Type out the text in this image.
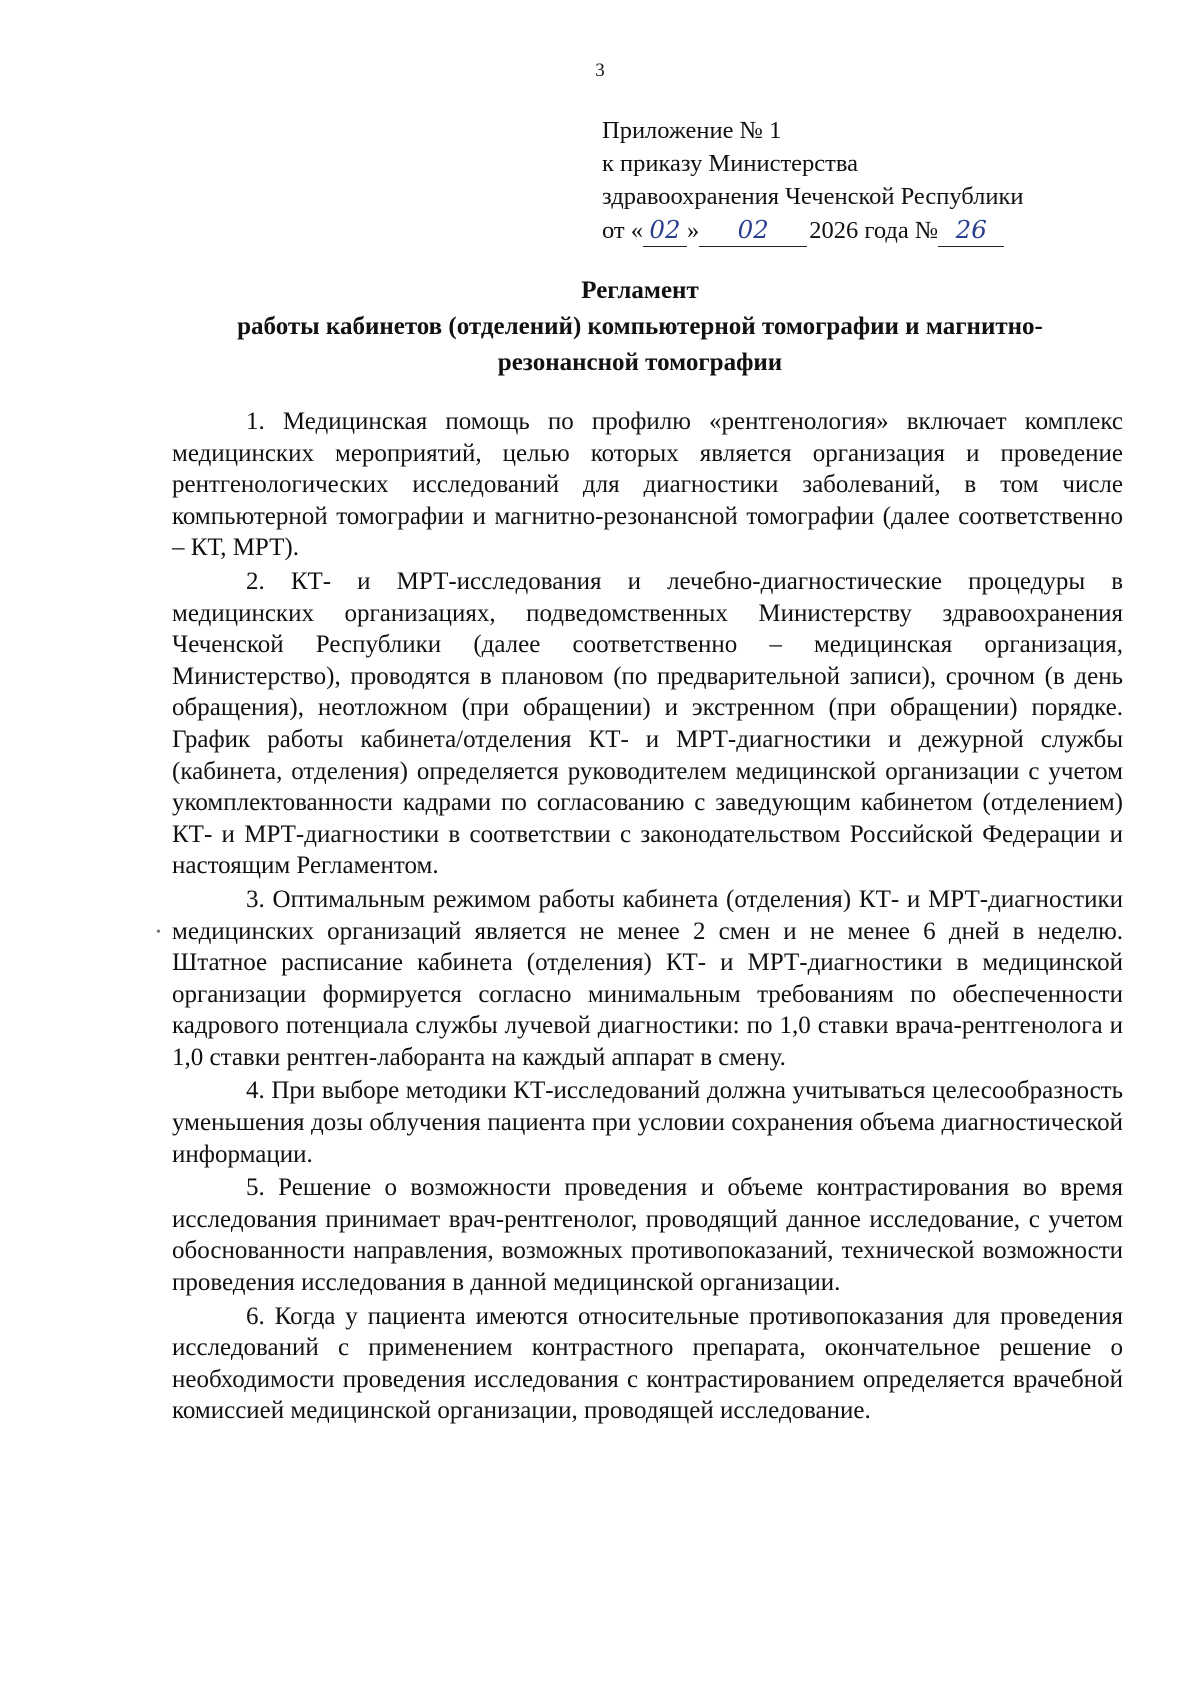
3
Приложение № 1
к приказу Министерства
здравоохранения Чеченской Республики
от « 02 » 02 2026 года № 26
Регламент
работы кабинетов (отделений) компьютерной томографии и магнитно-
резонансной томографии

1. Медицинская помощь по профилю «рентгенология» включает комплекс медицинских мероприятий, целью которых является организация и проведение рентгенологических исследований для диагностики заболеваний, в том числе компьютерной томографии и магнитно-резонансной томографии (далее соответственно – КТ, МРТ).

2. КТ- и МРТ-исследования и лечебно-диагностические процедуры в медицинских организациях, подведомственных Министерству здравоохранения Чеченской Республики (далее соответственно – медицинская организация, Министерство), проводятся в плановом (по предварительной записи), срочном (в день обращения), неотложном (при обращении) и экстренном (при обращении) порядке. График работы кабинета/отделения КТ- и МРТ-диагностики и дежурной службы (кабинета, отделения) определяется руководителем медицинской организации с учетом укомплектованности кадрами по согласованию с заведующим кабинетом (отделением) КТ- и МРТ-диагностики в соответствии с законодательством Российской Федерации и настоящим Регламентом.

3. Оптимальным режимом работы кабинета (отделения) КТ- и МРТ-диагностики медицинских организаций является не менее 2 смен и не менее 6 дней в неделю. Штатное расписание кабинета (отделения) КТ- и МРТ-диагностики в медицинской организации формируется согласно минимальным требованиям по обеспеченности кадрового потенциала службы лучевой диагностики: по 1,0 ставки врача-рентгенолога и 1,0 ставки рентген-лаборанта на каждый аппарат в смену.

4. При выборе методики КТ-исследований должна учитываться целесообразность уменьшения дозы облучения пациента при условии сохранения объема диагностической информации.

5. Решение о возможности проведения и объеме контрастирования во время исследования принимает врач-рентгенолог, проводящий данное исследование, с учетом обоснованности направления, возможных противопоказаний, технической возможности проведения исследования в данной медицинской организации.

6. Когда у пациента имеются относительные противопоказания для проведения исследований с применением контрастного препарата, окончательное решение о необходимости проведения исследования с контрастированием определяется врачебной комиссией медицинской организации, проводящей исследование.

•
